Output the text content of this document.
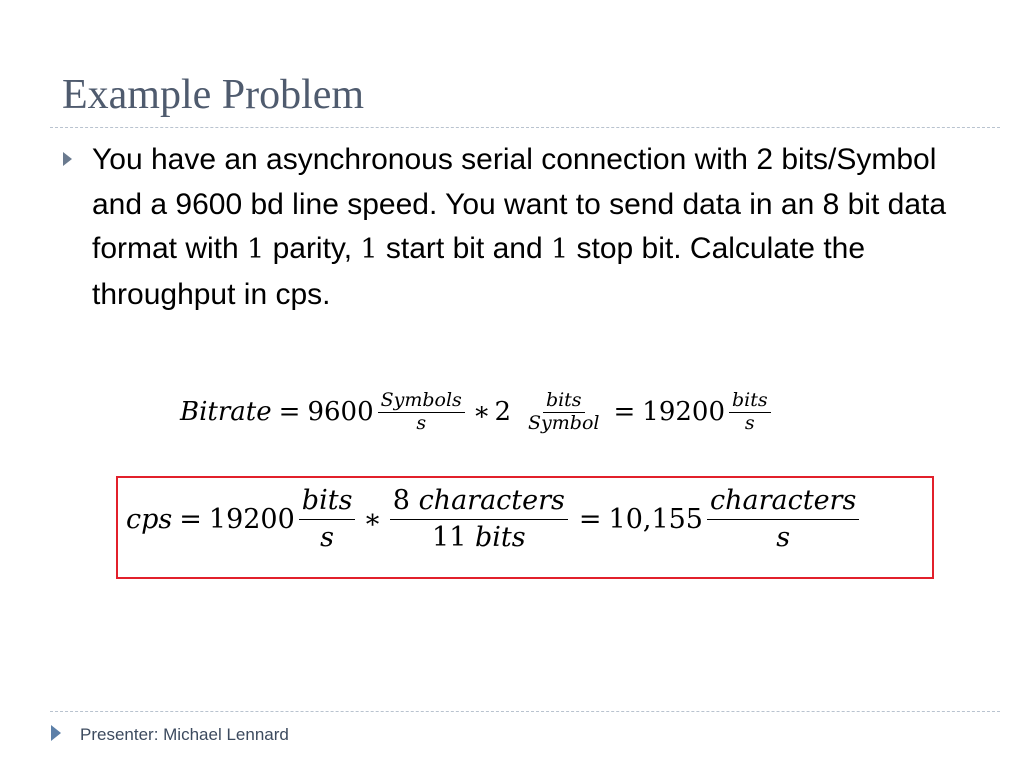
Example Problem

You have an asynchronous serial connection with 2 bits/Symbol and a 9600 bd line speed. You want to send data in an 8 bit data format with 1 parity, 1 start bit and 1 stop bit. Calculate the throughput in cps.

Bitrate = $9600 \frac{\text{Symbols}}{s}$ ∗ $2 \frac{\text{bits}}{\text{Symbol}} = 19200 \frac{\text{bits}}{s}$
cps = $19200 \frac{\text{bits}}{s}$ ∗ $\frac{\text{8 characters}}{\text{11 bits}} = 10,155 \frac{\text{characters}}{s}$

Presenter: Michael Lennard
